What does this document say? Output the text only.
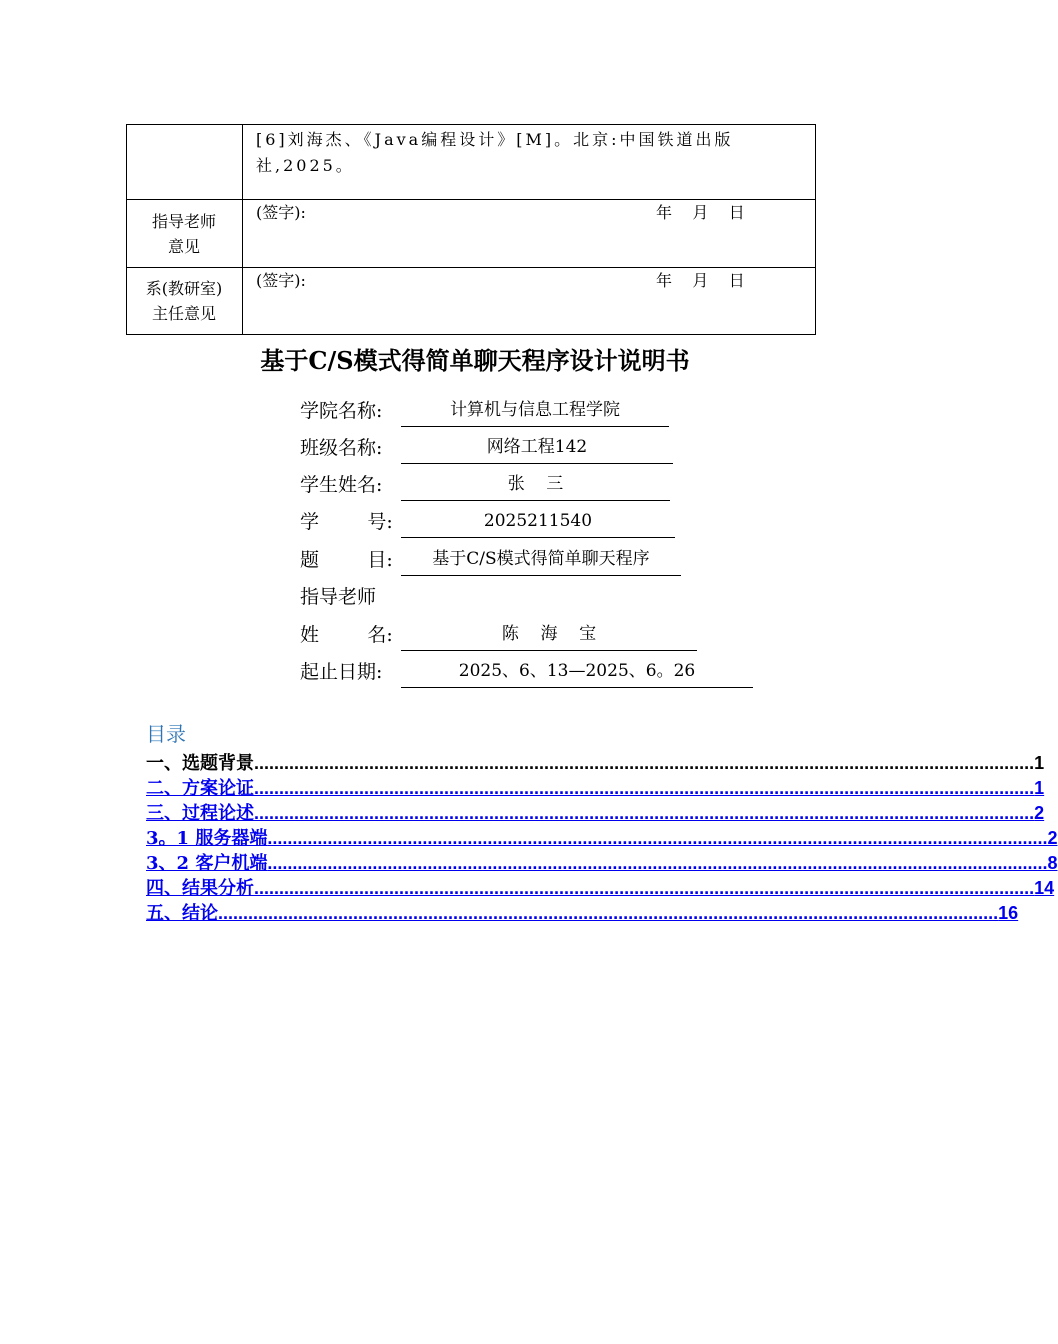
[6]刘海杰、《Java编程设计》[M]。北京:中国铁道出版
社,2025。
指导老师
意见
(签字):	年    月    日
系(教研室)
主任意见
(签字):	年    月    日
基于C/S模式得简单聊天程序设计说明书
学院名称:	计算机与信息工程学院
班级名称:	网络工程142
学生姓名:	张    三
学        号:	2025211540
题        目:	基于C/S模式得简单聊天程序
指导老师
姓        名:	陈    海    宝
起止日期:	2025、6、13—2025、6。26
目录
一、选题背景 ............................................................................................................................................................ 1
二、方案论证 ............................................................................................................................................................ 1
三、过程论述 ............................................................................................................................................................ 2
3。1 服务器端 ............................................................................................................................................................ 2
3、2 客户机端 ............................................................................................................................................................ 8
四、结果分析 ............................................................................................................................................................ 14
五、结论 ............................................................................................................................................................ 16
